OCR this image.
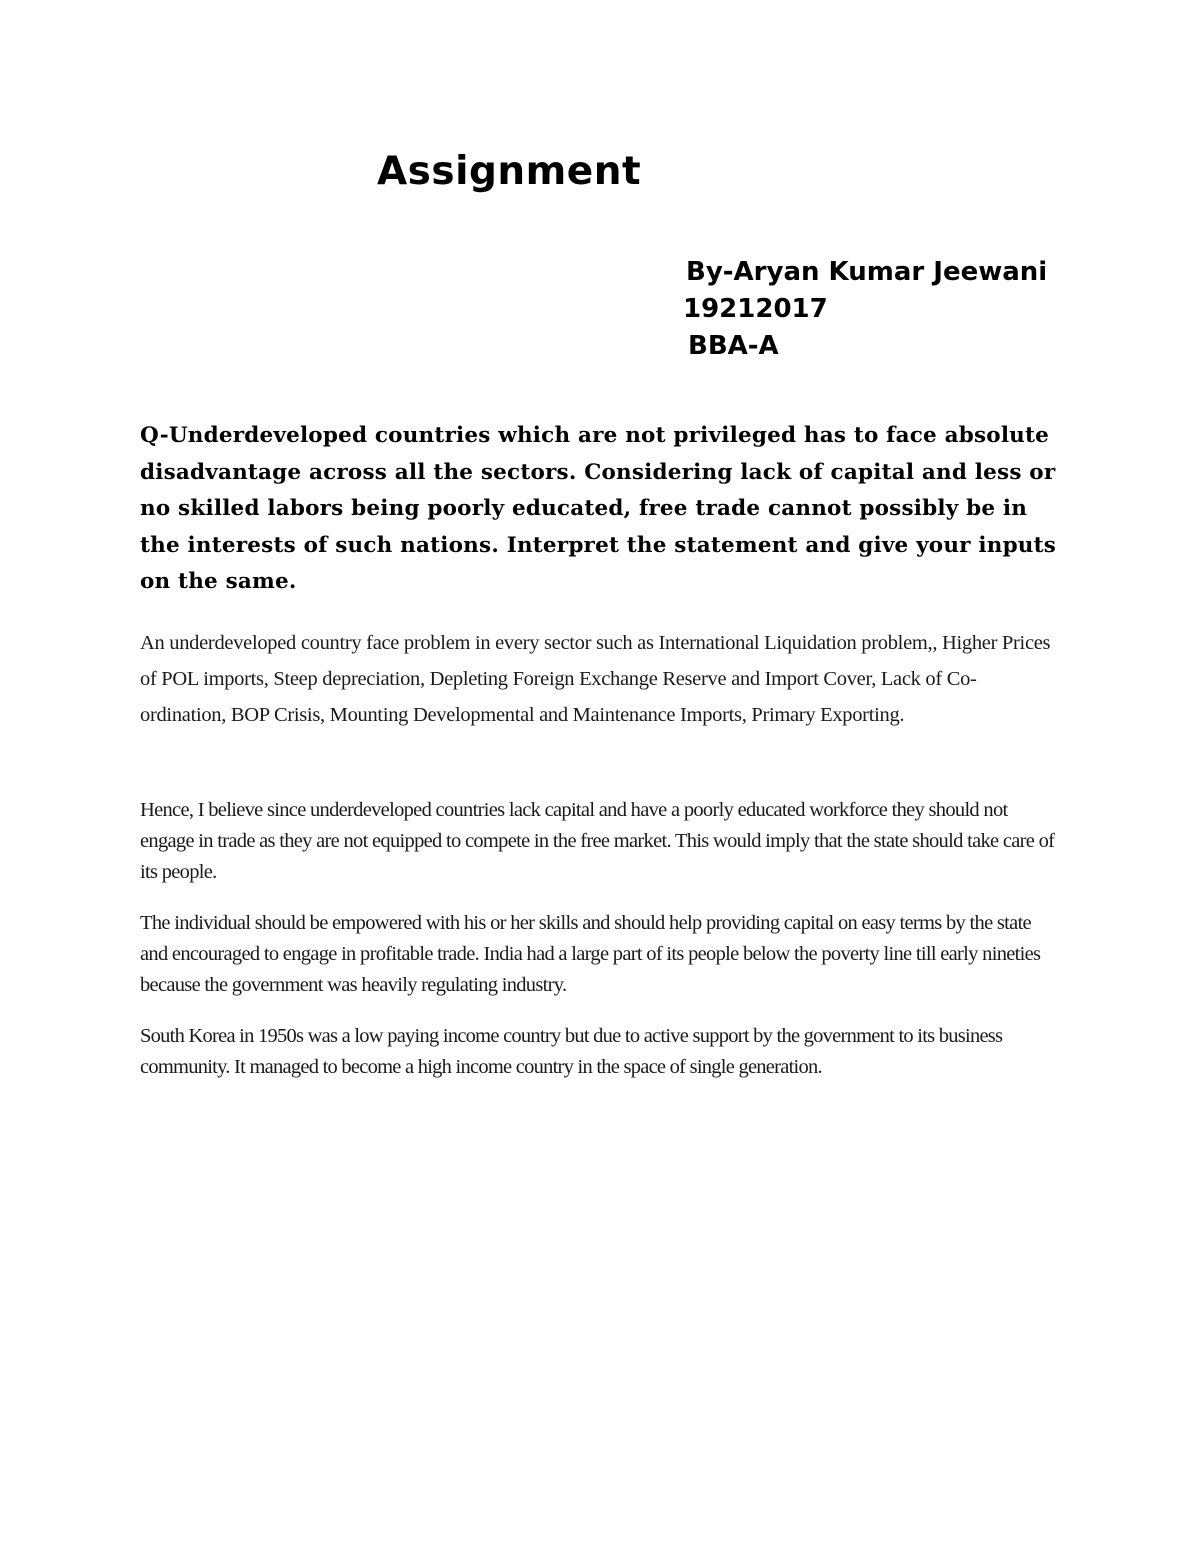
Assignment
By-Aryan Kumar Jeewani
19212017
BBA-A

Q-Underdeveloped countries which are not privileged has to face absolute disadvantage across all the sectors. Considering lack of capital and less or no skilled labors being poorly educated, free trade cannot possibly be in the interests of such nations. Interpret the statement and give your inputs on the same.

An underdeveloped country face problem in every sector such as International Liquidation problem,, Higher Prices of POL imports, Steep depreciation, Depleting Foreign Exchange Reserve and Import Cover, Lack of Co-ordination, BOP Crisis, Mounting Developmental and Maintenance Imports, Primary Exporting.

Hence, I believe since underdeveloped countries lack capital and have a poorly educated workforce they should not engage in trade as they are not equipped to compete in the free market. This would imply that the state should take care of its people.

The individual should be empowered with his or her skills and should help providing capital on easy terms by the state and encouraged to engage in profitable trade. India had a large part of its people below the poverty line till early nineties because the government was heavily regulating industry.

South Korea in 1950s was a low paying income country but due to active support by the government to its business community. It managed to become a high income country in the space of single generation.
